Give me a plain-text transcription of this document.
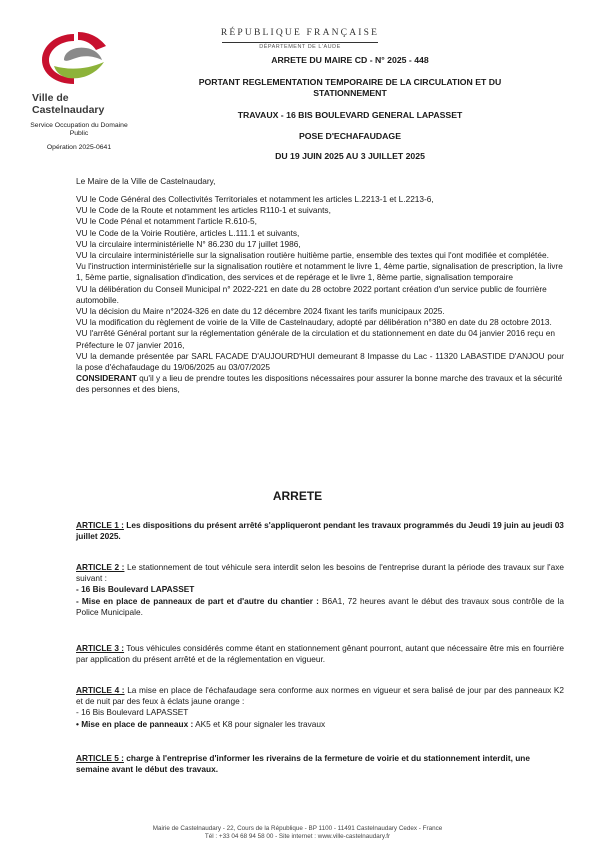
Ville de Castelnaudary
Service Occupation du Domaine Public
Opération 2025-0641
RÉPUBLIQUE FRANÇAISE
DÉPARTEMENT DE L'AUDE
ARRETE DU MAIRE CD - N° 2025 - 448
PORTANT REGLEMENTATION TEMPORAIRE DE LA CIRCULATION ET DU STATIONNEMENT
TRAVAUX - 16 BIS BOULEVARD GENERAL LAPASSET
POSE D'ECHAFAUDAGE
DU 19 JUIN 2025 AU 3 JUILLET 2025
Le Maire de la Ville de Castelnaudary,

VU le Code Général des Collectivités Territoriales et notamment les articles L.2213-1 et L.2213-6,

VU le Code de la Route et notamment les articles R110-1 et suivants,

VU le Code Pénal et notamment l'article R.610-5,

VU le Code de la Voirie Routière, articles L.111.1 et suivants,

VU la circulaire interministérielle N° 86.230 du 17 juillet 1986,

VU la circulaire interministérielle sur la signalisation routière huitième partie, ensemble des textes qui l'ont modifiée et complétée.

Vu l'instruction interministérielle sur la signalisation routière et notamment le livre 1, 4ème partie, signalisation de prescription, la livre 1, 5ème partie, signalisation d'indication, des services et de repérage et le livre 1, 8ème partie, signalisation temporaire

VU la délibération du Conseil Municipal n° 2022-221 en date du 28 octobre 2022 portant création d'un service public de fourrière automobile.

VU la décision du Maire n°2024-326 en date du 12 décembre 2024 fixant les tarifs municipaux 2025.

VU la modification du règlement de voirie de la Ville de Castelnaudary, adopté par délibération n°380 en date du 28 octobre 2013.

VU l'arrêté Général portant sur la réglementation générale de la circulation et du stationnement en date du 04 janvier 2016 reçu en Préfecture le 07 janvier 2016,

VU la demande présentée par SARL FACADE D'AUJOURD'HUI demeurant 8 Impasse du Lac - 11320 LABASTIDE D'ANJOU pour la pose d'échafaudage du 19/06/2025 au 03/07/2025

CONSIDERANT qu'il y a lieu de prendre toutes les dispositions nécessaires pour assurer la bonne marche des travaux et la sécurité des personnes et des biens,

ARRETE

ARTICLE 1 : Les dispositions du présent arrêté s'appliqueront pendant les travaux programmés du Jeudi 19 juin au jeudi 03 juillet 2025.

ARTICLE 2 : Le stationnement de tout véhicule sera interdit selon les besoins de l'entreprise durant la période des travaux sur l'axe suivant :

- 16 Bis Boulevard LAPASSET

- Mise en place de panneaux de part et d'autre du chantier : B6A1, 72 heures avant le début des travaux sous contrôle de la Police Municipale.

ARTICLE 3 : Tous véhicules considérés comme étant en stationnement gênant pourront, autant que nécessaire être mis en fourrière par application du présent arrêté et de la réglementation en vigueur.

ARTICLE 4 : La mise en place de l'échafaudage sera conforme aux normes en vigueur et sera balisé de jour par des panneaux K2 et de nuit par des feux à éclats jaune orange :

- 16 Bis Boulevard LAPASSET

• Mise en place de panneaux : AK5 et K8 pour signaler les travaux

ARTICLE 5 : charge à l'entreprise d'informer les riverains de la fermeture de voirie et du stationnement interdit, une semaine avant le début des travaux.

Mairie de Castelnaudary - 22, Cours de la République - BP 1100 - 11491 Castelnaudary Cedex - France
Tél : +33 04 68 94 58 00 - Site internet : www.ville-castelnaudary.fr
